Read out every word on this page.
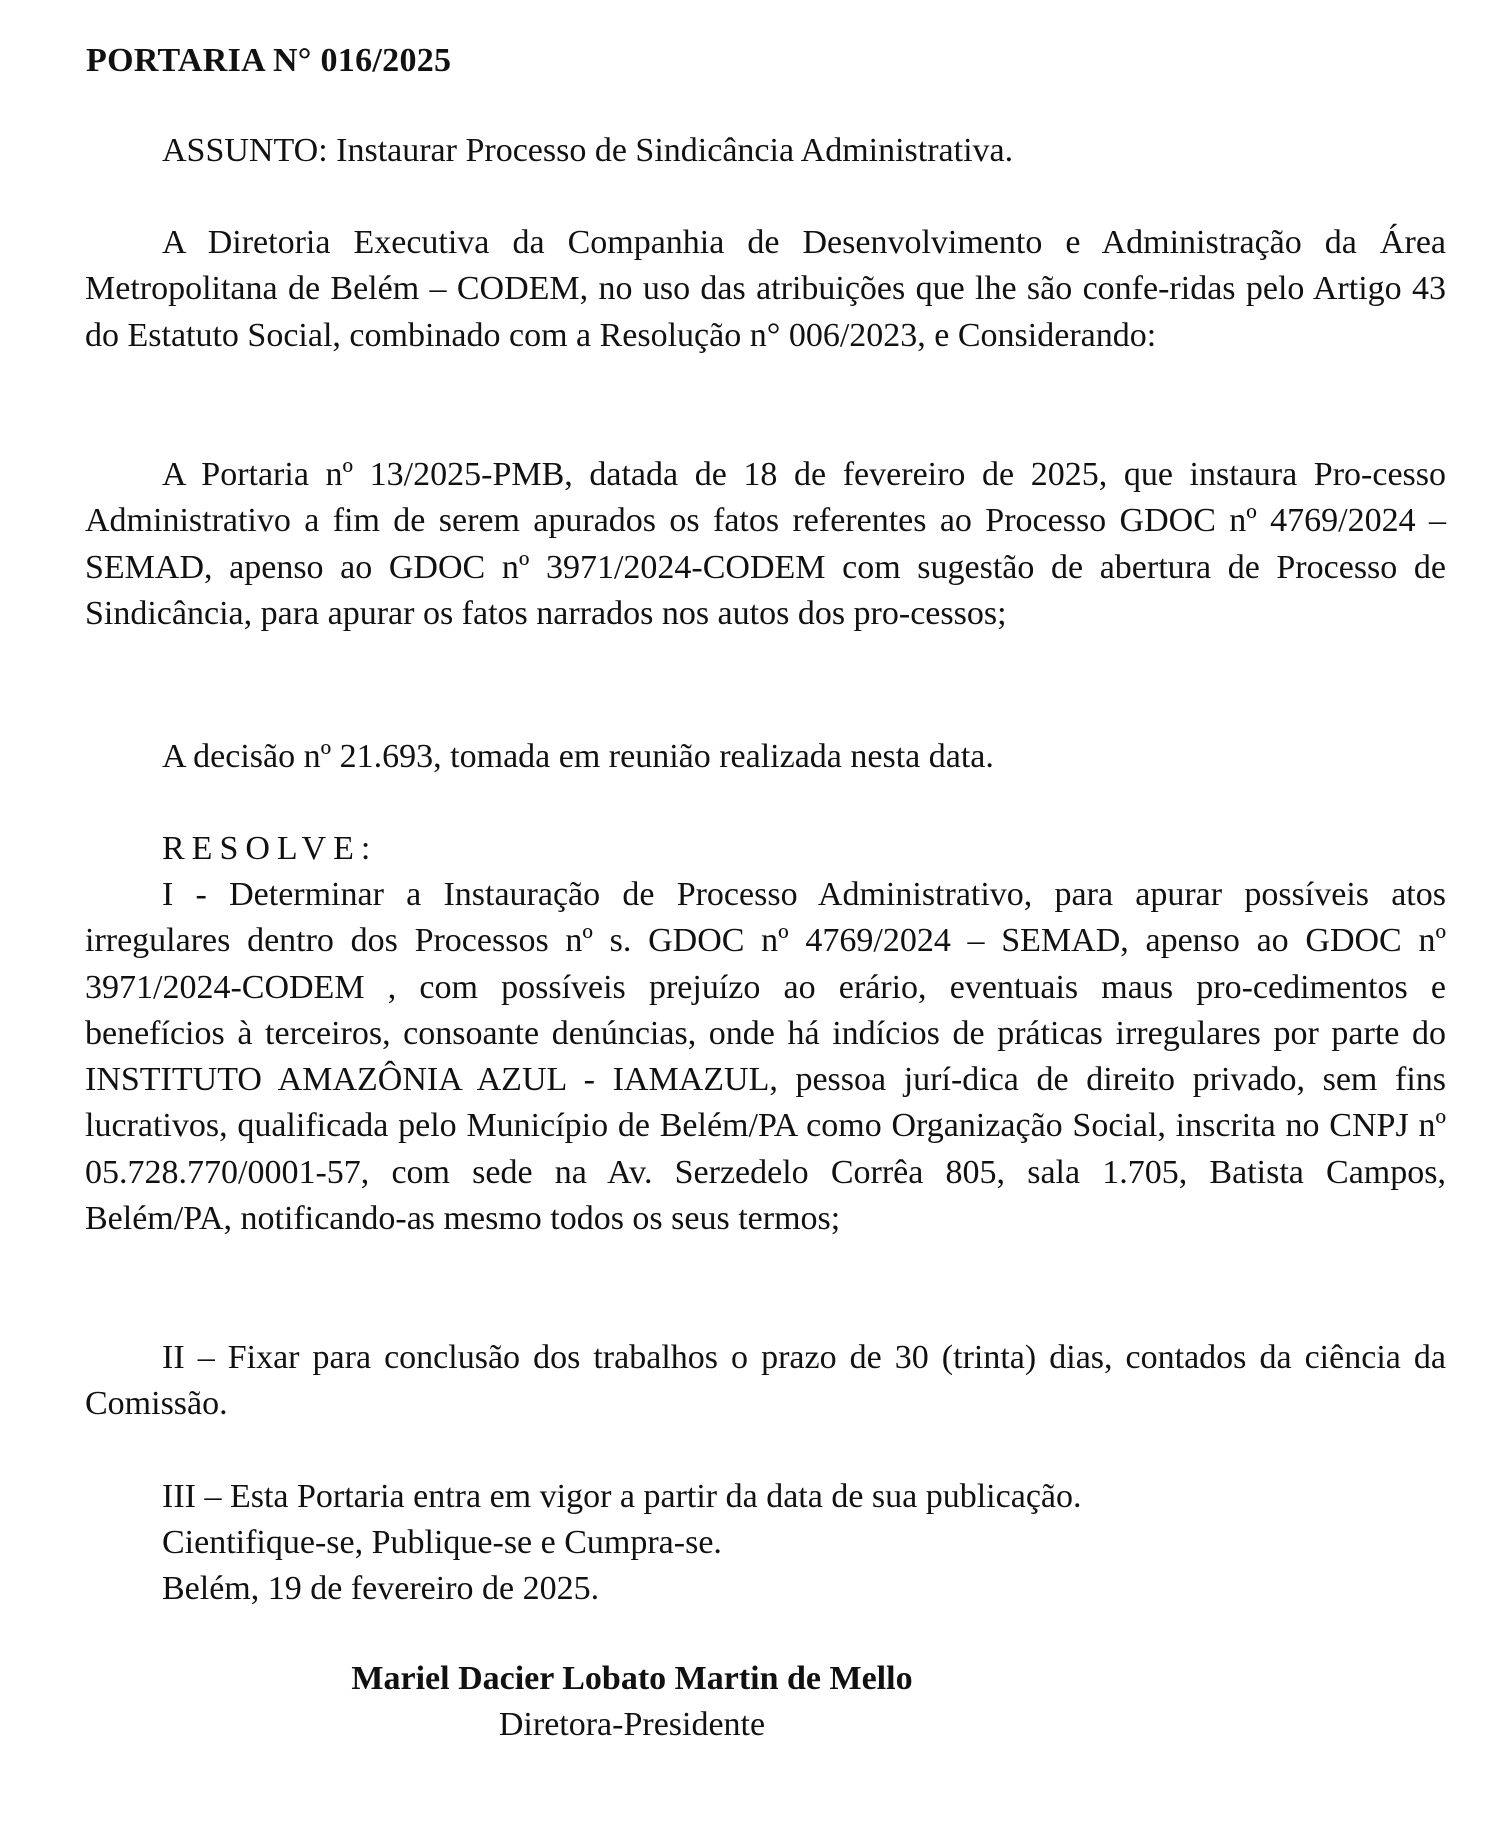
PORTARIA N° 016/2025
ASSUNTO: Instaurar Processo de Sindicância Administrativa.
A Diretoria Executiva da Companhia de Desenvolvimento e Administração da Área Metropolitana de Belém – CODEM, no uso das atribuições que lhe são confe-ridas pelo Artigo 43 do Estatuto Social, combinado com a Resolução n° 006/2023, e Considerando:
A Portaria nº 13/2025-PMB, datada de 18 de fevereiro de 2025, que instaura Pro-cesso Administrativo a fim de serem apurados os fatos referentes ao Processo GDOC nº 4769/2024 – SEMAD, apenso ao GDOC nº 3971/2024-CODEM com sugestão de abertura de Processo de Sindicância, para apurar os fatos narrados nos autos dos pro-cessos;
A decisão nº 21.693, tomada em reunião realizada nesta data.
RESOLVE:
I - Determinar a Instauração de Processo Administrativo, para apurar possíveis atos irregulares dentro dos Processos nº s. GDOC nº 4769/2024 – SEMAD, apenso ao GDOC nº 3971/2024-CODEM , com possíveis prejuízo ao erário, eventuais maus pro-cedimentos e benefícios à terceiros, consoante denúncias, onde há indícios de práticas irregulares por parte do INSTITUTO AMAZÔNIA AZUL - IAMAZUL, pessoa jurí-dica de direito privado, sem fins lucrativos, qualificada pelo Município de Belém/PA como Organização Social, inscrita no CNPJ nº 05.728.770/0001-57, com sede na Av. Serzedelo Corrêa 805, sala 1.705, Batista Campos, Belém/PA, notificando-as mesmo todos os seus termos;
II – Fixar para conclusão dos trabalhos o prazo de 30 (trinta) dias, contados da ciência da Comissão.
III – Esta Portaria entra em vigor a partir da data de sua publicação.
Cientifique-se, Publique-se e Cumpra-se.
Belém, 19 de fevereiro de 2025.
Mariel Dacier Lobato Martin de Mello
Diretora-Presidente
